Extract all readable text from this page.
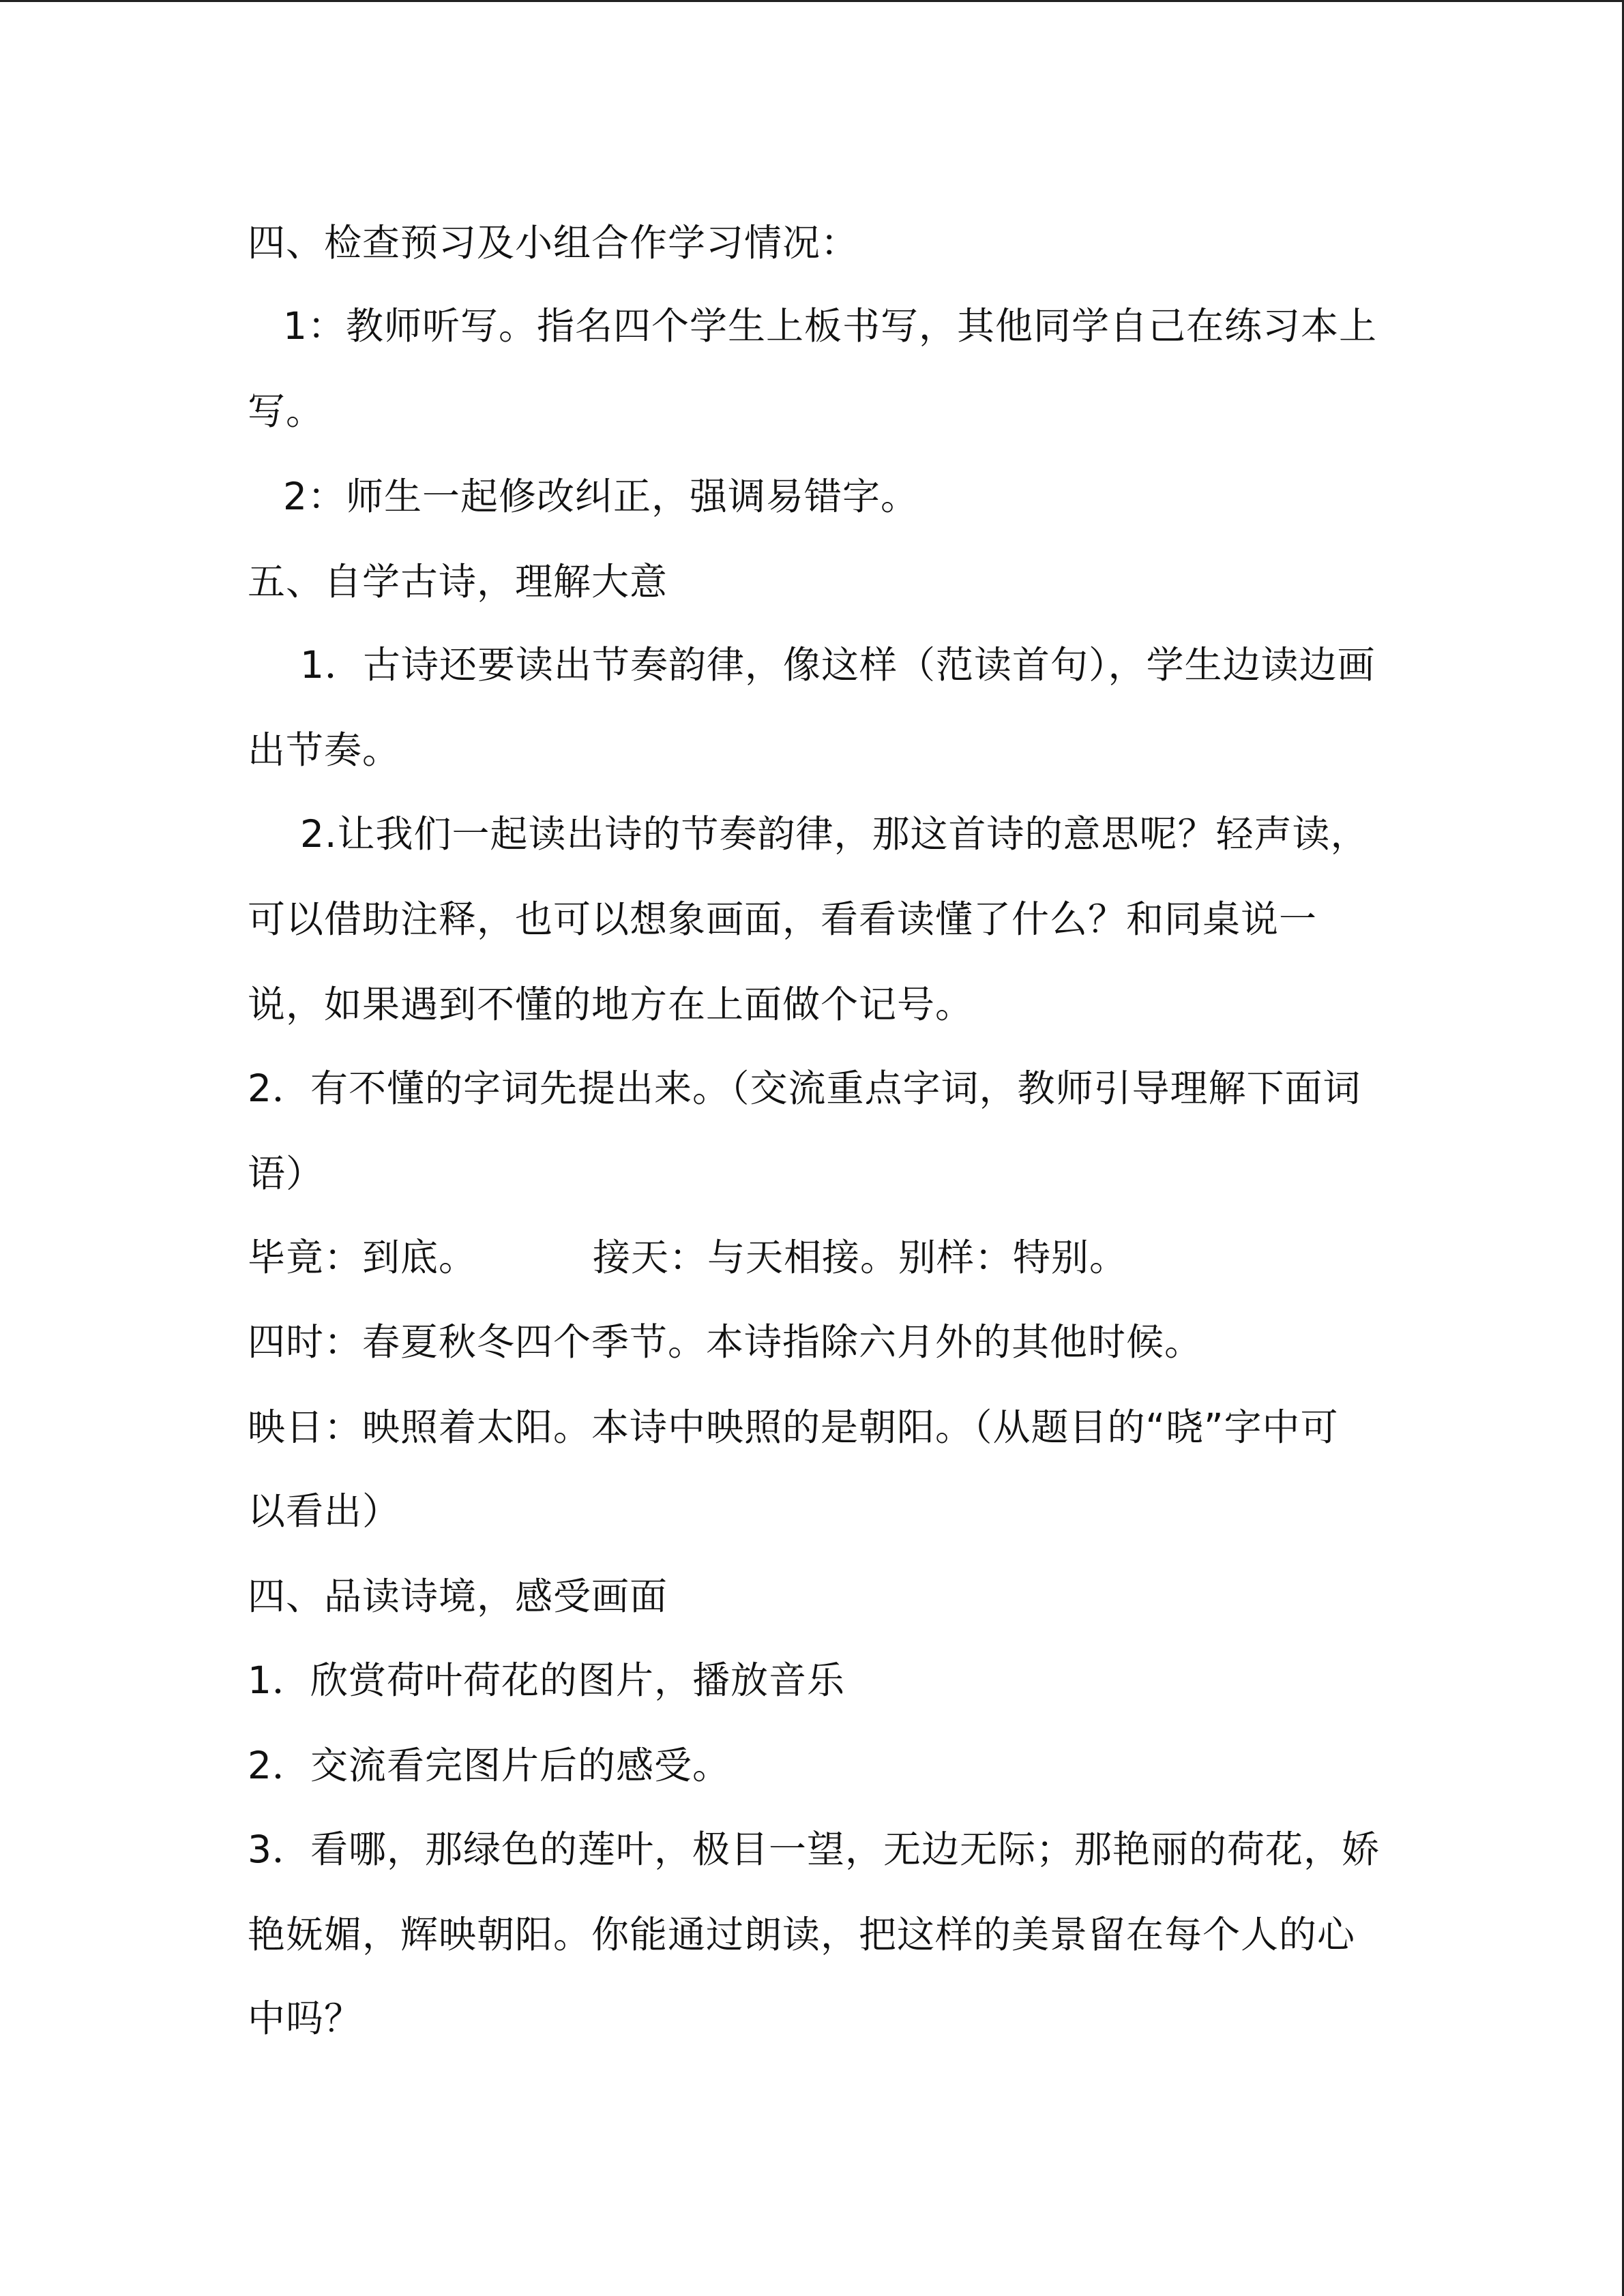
四、检查预习及小组合作学习情况：
1：教师听写。指名四个学生上板书写，其他同学自己在练习本上
写。
2：师生一起修改纠正，强调易错字。
五、自学古诗，理解大意
1．古诗还要读出节奏韵律，像这样（范读首句），学生边读边画
出节奏。
2.让我们一起读出诗的节奏韵律，那这首诗的意思呢？轻声读，
可以借助注释，也可以想象画面，看看读懂了什么？和同桌说一
说，如果遇到不懂的地方在上面做个记号。
2．有不懂的字词先提出来。（交流重点字词，教师引导理解下面词
语）
毕竟：到底。	接天：与天相接。别样：特别。
四时：春夏秋冬四个季节。本诗指除六月外的其他时候。
映日：映照着太阳。本诗中映照的是朝阳。（从题目的“晓”字中可
以看出）
四、品读诗境，感受画面
1．欣赏荷叶荷花的图片，播放音乐
2．交流看完图片后的感受。
3．看哪，那绿色的莲叶，极目一望，无边无际；那艳丽的荷花，娇
艳妩媚，辉映朝阳。你能通过朗读，把这样的美景留在每个人的心
中吗？
